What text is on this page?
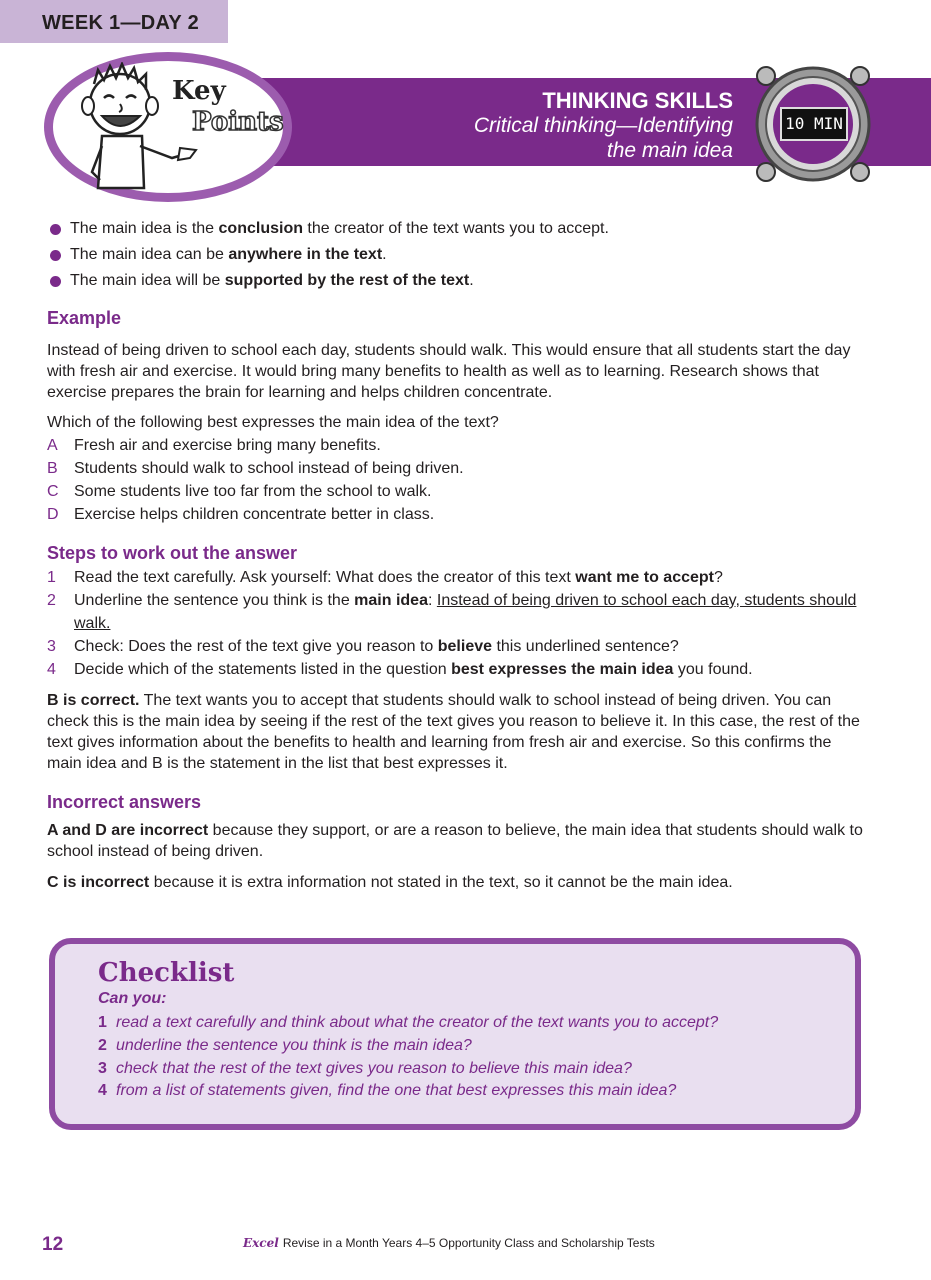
WEEK 1—DAY 2
THINKING SKILLS
Critical thinking—Identifying
the main idea
Key
Points	10 MIN
The main idea is the conclusion the creator of the text wants you to accept.
The main idea can be anywhere in the text.
The main idea will be supported by the rest of the text.
Example
Instead of being driven to school each day, students should walk. This would ensure that all students start the day with fresh air and exercise. It would bring many benefits to health as well as to learning. Research shows that exercise prepares the brain for learning and helps children concentrate.
Which of the following best expresses the main idea of the text?
A Fresh air and exercise bring many benefits.
B Students should walk to school instead of being driven.
C Some students live too far from the school to walk.
D Exercise helps children concentrate better in class.
Steps to work out the answer
1 Read the text carefully. Ask yourself: What does the creator of this text want me to accept?
2 Underline the sentence you think is the main idea: Instead of being driven to school each day, students should walk.
3 Check: Does the rest of the text give you reason to believe this underlined sentence?
4 Decide which of the statements listed in the question best expresses the main idea you found.
B is correct. The text wants you to accept that students should walk to school instead of being driven. You can check this is the main idea by seeing if the rest of the text gives you reason to believe it. In this case, the rest of the text gives information about the benefits to health and learning from fresh air and exercise. So this confirms the main idea and B is the statement in the list that best expresses it.
Incorrect answers
A and D are incorrect because they support, or are a reason to believe, the main idea that students should walk to school instead of being driven.
C is incorrect because it is extra information not stated in the text, so it cannot be the main idea.
Checklist
Can you:
1 read a text carefully and think about what the creator of the text wants you to accept?
2 underline the sentence you think is the main idea?
3 check that the rest of the text gives you reason to believe this main idea?
4 from a list of statements given, find the one that best expresses this main idea?
12	Excel Revise in a Month Years 4–5 Opportunity Class and Scholarship Tests
